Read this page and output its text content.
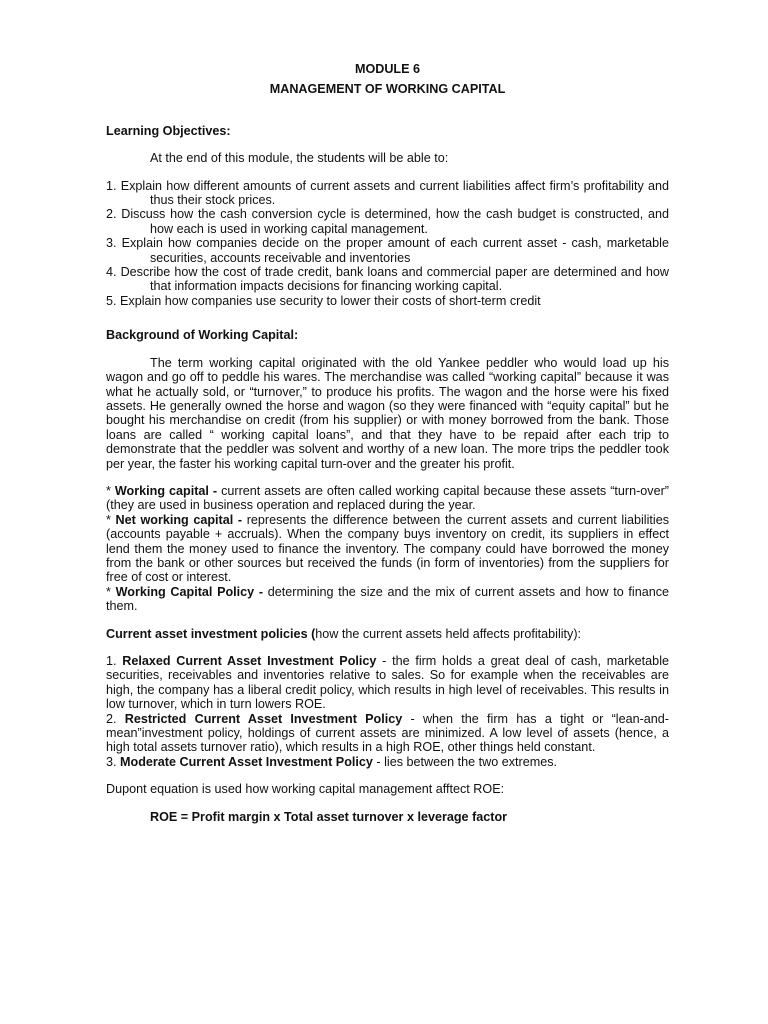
MODULE 6

MANAGEMENT OF WORKING CAPITAL

Learning Objectives:

At the end of this module, the students will be able to:

1. Explain how different amounts of current assets and current liabilities affect firm’s profitability and thus their stock prices.

2. Discuss how the cash conversion cycle is determined, how the cash budget is constructed, and how each is used in working capital management.

3. Explain how companies decide on the proper amount of each current asset - cash, marketable securities, accounts receivable and inventories

4. Describe how the cost of trade credit, bank loans and commercial paper are determined and how that information impacts decisions for financing working capital.

5. Explain how companies use security to lower their costs of short-term credit

Background of Working Capital:

The term working capital originated with the old Yankee peddler who would load up his wagon and go off to peddle his wares. The merchandise was called “working capital” because it was what he actually sold, or “turnover,” to produce his profits. The wagon and the horse were his fixed assets. He generally owned the horse and wagon (so they were financed with “equity capital” but he bought his merchandise on credit (from his supplier) or with money borrowed from the bank. Those loans are called “ working capital loans”, and that they have to be repaid after each trip to demonstrate that the peddler was solvent and worthy of a new loan. The more trips the peddler took per year, the faster his working capital turn-over and the greater his profit.

* Working capital - current assets are often called working capital because these assets “turn-over” (they are used in business operation and replaced during the year.

* Net working capital - represents the difference between the current assets and current liabilities (accounts payable + accruals). When the company buys inventory on credit, its suppliers in effect lend them the money used to finance the inventory. The company could have borrowed the money from the bank or other sources but received the funds (in form of inventories) from the suppliers for free of cost or interest.

* Working Capital Policy - determining the size and the mix of current assets and how to finance them.

Current asset investment policies (how the current assets held affects profitability):

1. Relaxed Current Asset Investment Policy - the firm holds a great deal of cash, marketable securities, receivables and inventories relative to sales. So for example when the receivables are high, the company has a liberal credit policy, which results in high level of receivables. This results in low turnover, which in turn lowers ROE.

2. Restricted Current Asset Investment Policy - when the firm has a tight or “lean-and-mean”investment policy, holdings of current assets are minimized. A low level of assets (hence, a high total assets turnover ratio), which results in a high ROE, other things held constant.

3. Moderate Current Asset Investment Policy - lies between the two extremes.

Dupont equation is used how working capital management afftect ROE:

ROE = Profit margin x Total asset turnover x leverage factor
